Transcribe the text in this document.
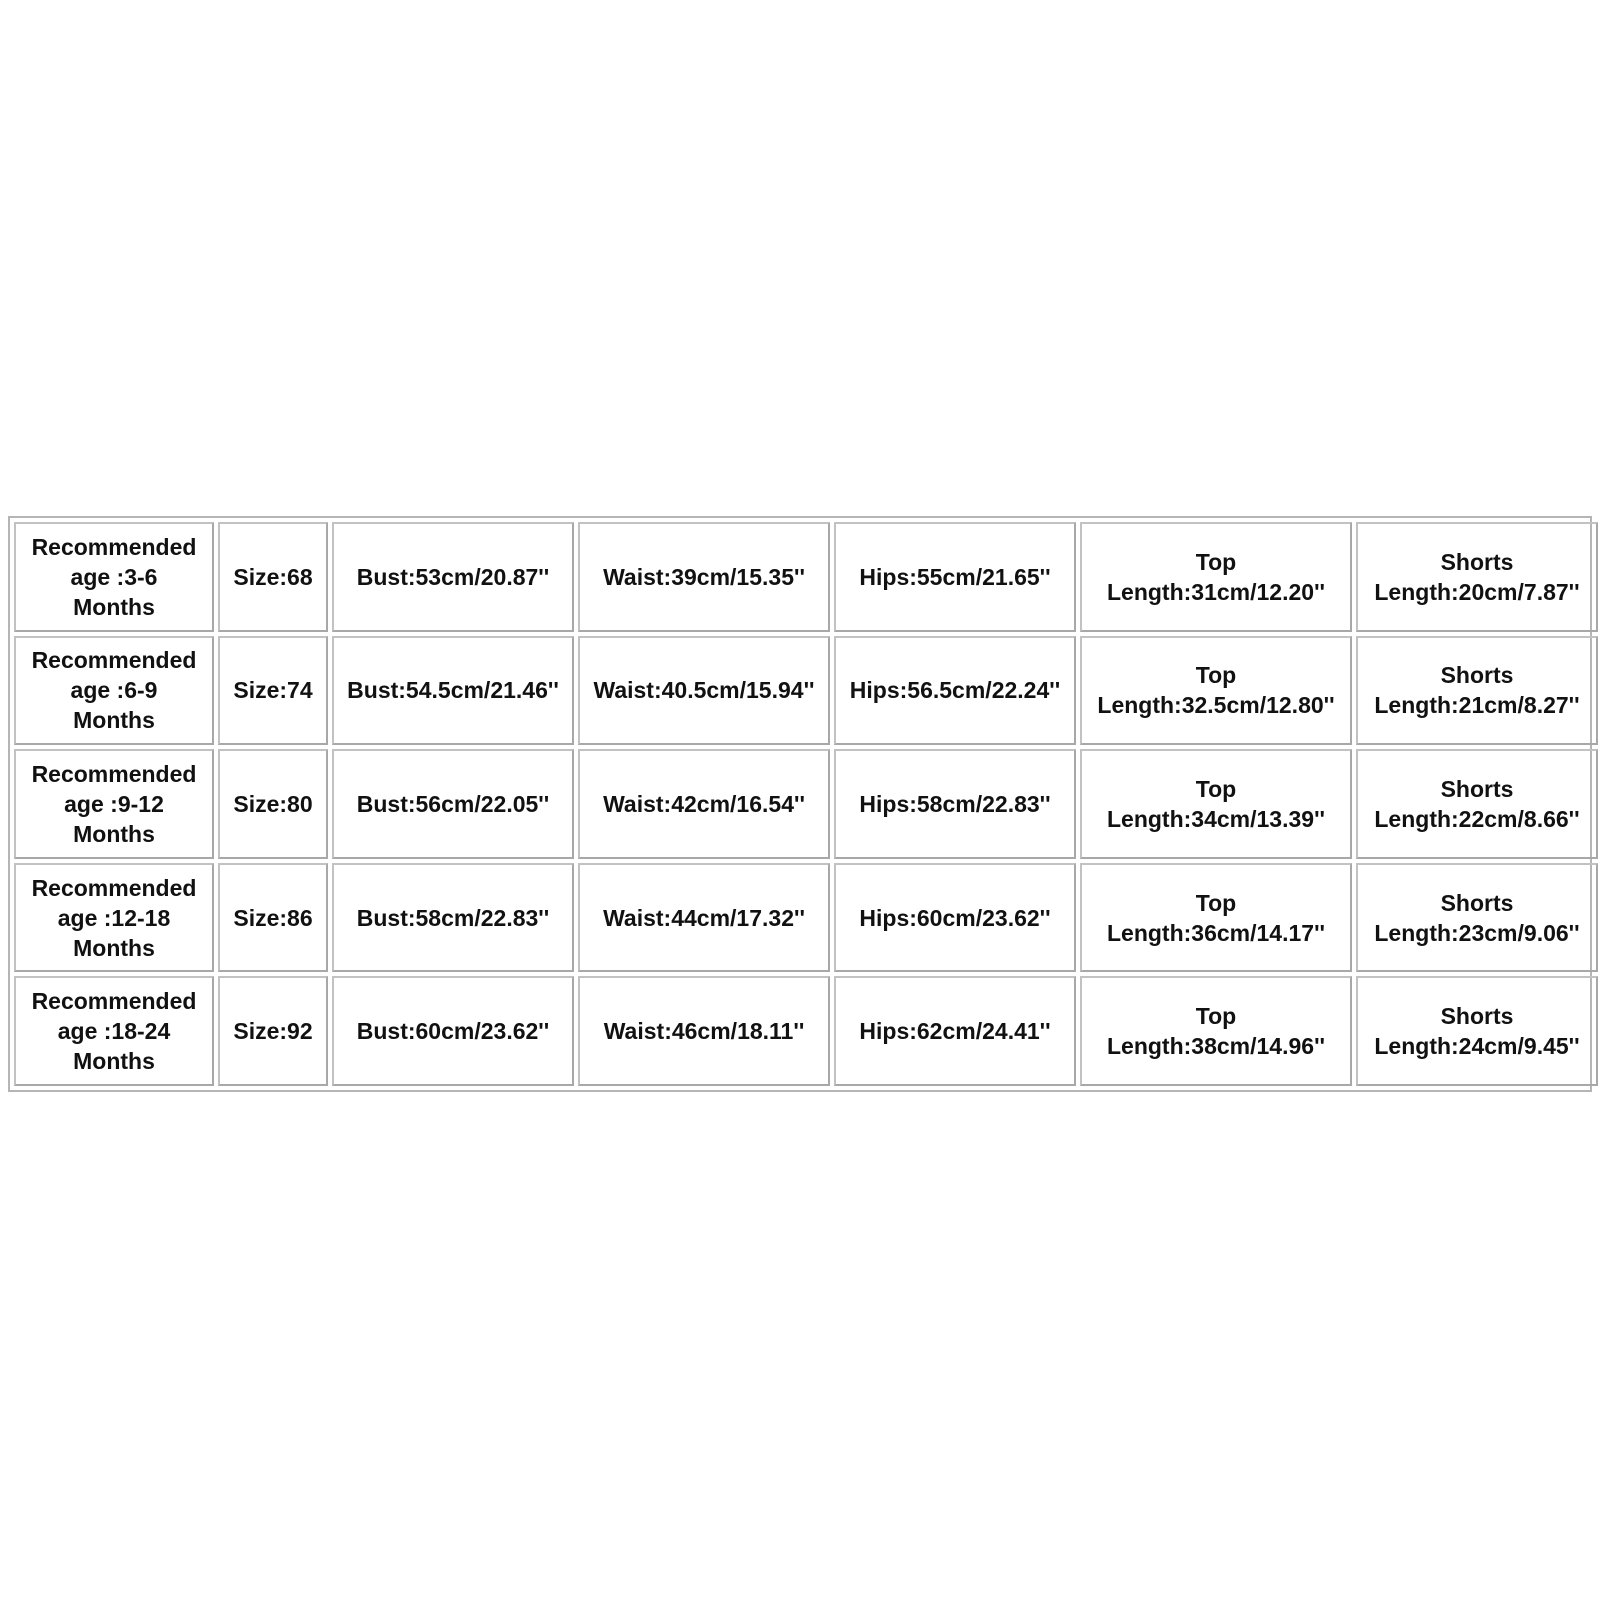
Recommended
age :3-6
Months	Size:68	Bust:53cm/20.87''	Waist:39cm/15.35''	Hips:55cm/21.65''	Top
Length:31cm/12.20''	Shorts
Length:20cm/7.87''

Recommended
age :6-9
Months	Size:74	Bust:54.5cm/21.46''	Waist:40.5cm/15.94''	Hips:56.5cm/22.24''	Top
Length:32.5cm/12.80''	Shorts
Length:21cm/8.27''

Recommended
age :9-12
Months	Size:80	Bust:56cm/22.05''	Waist:42cm/16.54''	Hips:58cm/22.83''	Top
Length:34cm/13.39''	Shorts
Length:22cm/8.66''

Recommended
age :12-18
Months	Size:86	Bust:58cm/22.83''	Waist:44cm/17.32''	Hips:60cm/23.62''	Top
Length:36cm/14.17''	Shorts
Length:23cm/9.06''

Recommended
age :18-24
Months	Size:92	Bust:60cm/23.62''	Waist:46cm/18.11''	Hips:62cm/24.41''	Top
Length:38cm/14.96''	Shorts
Length:24cm/9.45''
